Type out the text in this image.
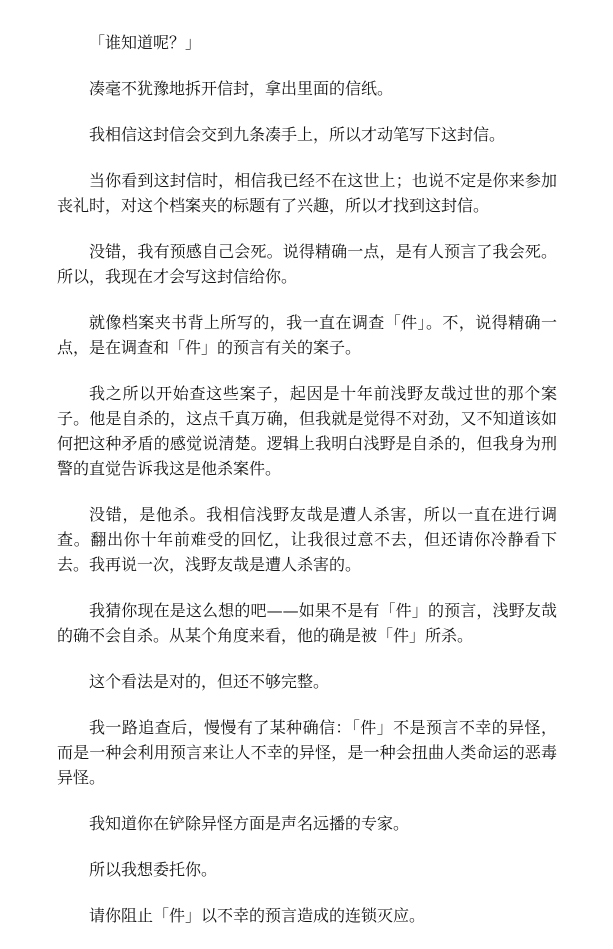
「谁知道呢？」

凑毫不犹豫地拆开信封，拿出里面的信纸。

我相信这封信会交到九条凑手上，所以才动笔写下这封信。

当你看到这封信时，相信我已经不在这世上；也说不定是你来参加丧礼时，对这个档案夹的标题有了兴趣，所以才找到这封信。

没错，我有预感自己会死。说得精确一点，是有人预言了我会死。所以，我现在才会写这封信给你。

就像档案夹书背上所写的，我一直在调查「件」。不，说得精确一点，是在调查和「件」的预言有关的案子。

我之所以开始查这些案子，起因是十年前浅野友哉过世的那个案子。他是自杀的，这点千真万确，但我就是觉得不对劲，又不知道该如何把这种矛盾的感觉说清楚。逻辑上我明白浅野是自杀的，但我身为刑警的直觉告诉我这是他杀案件。

没错，是他杀。我相信浅野友哉是遭人杀害，所以一直在进行调查。翻出你十年前难受的回忆，让我很过意不去，但还请你冷静看下去。我再说一次，浅野友哉是遭人杀害的。

我猜你现在是这么想的吧——如果不是有「件」的预言，浅野友哉的确不会自杀。从某个角度来看，他的确是被「件」所杀。

这个看法是对的，但还不够完整。

我一路追查后，慢慢有了某种确信：「件」不是预言不幸的异怪，而是一种会利用预言来让人不幸的异怪，是一种会扭曲人类命运的恶毒异怪。

我知道你在铲除异怪方面是声名远播的专家。

所以我想委托你。

请你阻止「件」以不幸的预言造成的连锁灭应。
